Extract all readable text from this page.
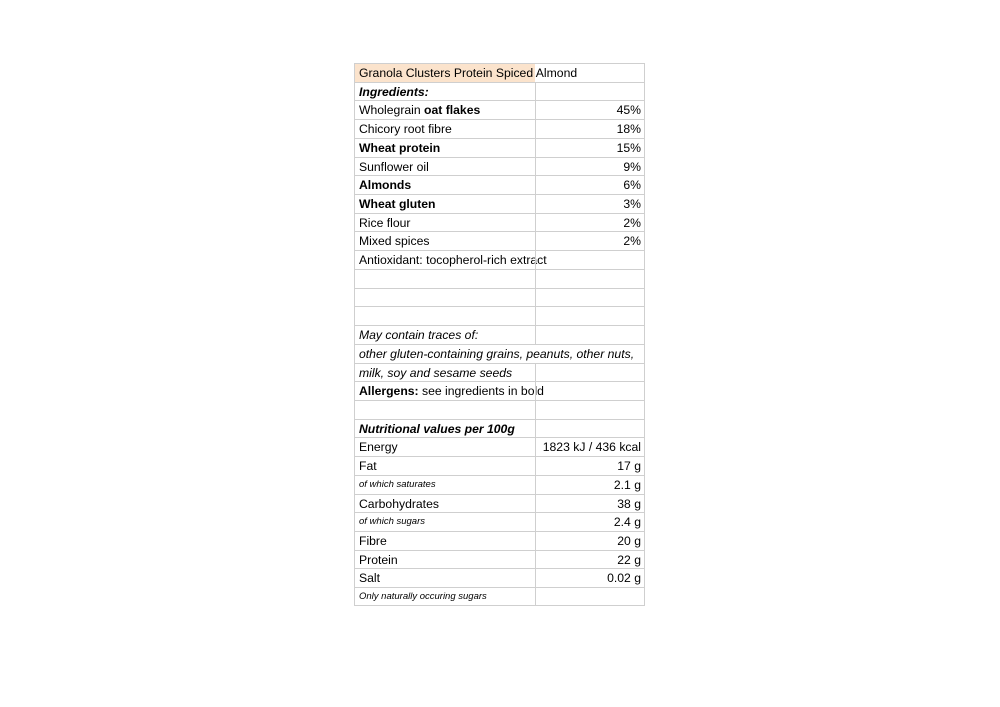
Granola Clusters Protein Spiced Almond
Ingredients:
Wholegrain oat flakes	45%
Chicory root fibre	18%
Wheat protein	15%
Sunflower oil	9%
Almonds	6%
Wheat gluten	3%
Rice flour	2%
Mixed spices	2%
Antioxidant: tocopherol-rich extract
May contain traces of:
other gluten-containing grains, peanuts, other nuts,
milk, soy and sesame seeds
Allergens: see ingredients in bold
Nutritional values per 100g
Energy	1823 kJ / 436 kcal
Fat	17 g
of which saturates	2.1 g
Carbohydrates	38 g
of which sugars	2.4 g
Fibre	20 g
Protein	22 g
Salt	0.02 g
Only naturally occuring sugars
